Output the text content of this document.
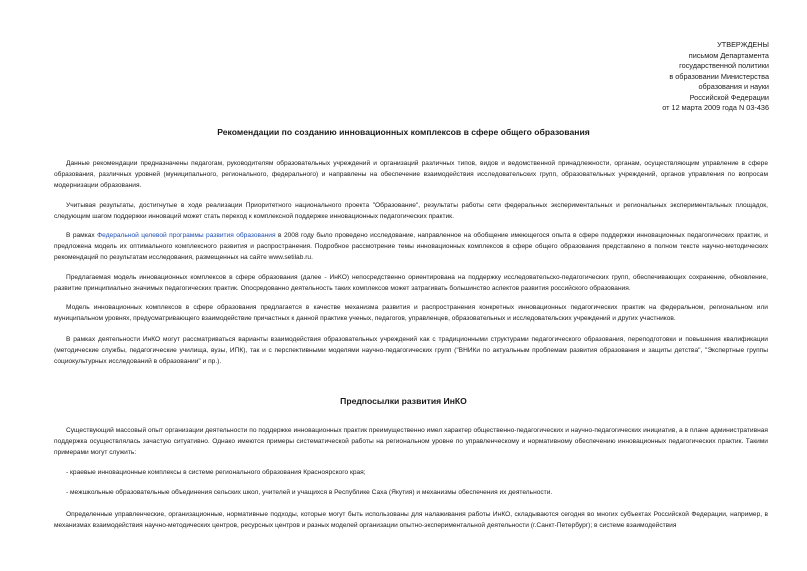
УТВЕРЖДЕНЫ
письмом Департамента
государственной политики
в образовании Министерства
образования и науки
Российской Федерации
от 12 марта 2009 года N 03-436
Рекомендации по созданию инновационных комплексов в сфере общего образования
Данные рекомендации предназначены педагогам, руководителям образовательных учреждений и организаций различных типов, видов и ведомственной принадлежности, органам, осуществляющим управление в сфере образования, различных уровней (муниципального, регионального, федерального) и направлены на обеспечение взаимодействия исследовательских групп, образовательных учреждений, органов управления по вопросам модернизации образования.
Учитывая результаты, достигнутые в ходе реализации Приоритетного национального проекта "Образование", результаты работы сети федеральных экспериментальных и региональных экспериментальных площадок, следующим шагом поддержки инноваций может стать переход к комплексной поддержке инновационных педагогических практик.
В рамках Федеральной целевой программы развития образования в 2008 году было проведено исследование, направленное на обобщение имеющегося опыта в сфере поддержки инновационных педагогических практик, и предложена модель их оптимального комплексного развития и распространения. Подробное рассмотрение темы инновационных комплексов в сфере общего образования представлено в полном тексте научно-методических рекомендаций по результатам исследования, размещенных на сайте www.setilab.ru.
Предлагаемая модель инновационных комплексов в сфере образования (далее - ИнКО) непосредственно ориентирована на поддержку исследовательско-педагогических групп, обеспечивающих сохранение, обновление, развитие принципиально значимых педагогических практик. Опосредованно деятельность таких комплексов может затрагивать большинство аспектов развития российского образования.
Модель инновационных комплексов в сфере образования предлагается в качестве механизма развития и распространения конкретных инновационных педагогических практик на федеральном, региональном или муниципальном уровнях, предусматривающего взаимодействие причастных к данной практике ученых, педагогов, управленцев, образовательных и исследовательских учреждений и других участников.
В рамках деятельности ИнКО могут рассматриваться варианты взаимодействия образовательных учреждений как с традиционными структурами педагогического образования, переподготовки и повышения квалификации (методические службы, педагогические училища, вузы, ИПК), так и с перспективными моделями научно-педагогических групп ("ВНИКи по актуальным проблемам развития образования и защиты детства", "Экспертные группы социокультурных исследований в образовании" и пр.).
Предпосылки развития ИнКО
Существующий массовый опыт организации деятельности по поддержке инновационных практик преимущественно имел характер общественно-педагогических и научно-педагогических инициатив, а в плане административная поддержка осуществлялась зачастую ситуативно. Однако имеются примеры систематической работы на региональном уровне по управленческому и нормативному обеспечению инновационных педагогических практик. Такими примерами могут служить:
- краевые инновационные комплексы в системе регионального образования Красноярского края;
- межшкольные образовательные объединения сельских школ, учителей и учащихся в Республике Саха (Якутия) и механизмы обеспечения их деятельности.
Определенные управленческие, организационные, нормативные подходы, которые могут быть использованы для налаживания работы ИнКО, складываются сегодня во многих субъектах Российской Федерации, например, в механизмах взаимодействия научно-методических центров, ресурсных центров и разных моделей организации опытно-экспериментальной деятельности (г.Санкт-Петербург); в системе взаимодействия
